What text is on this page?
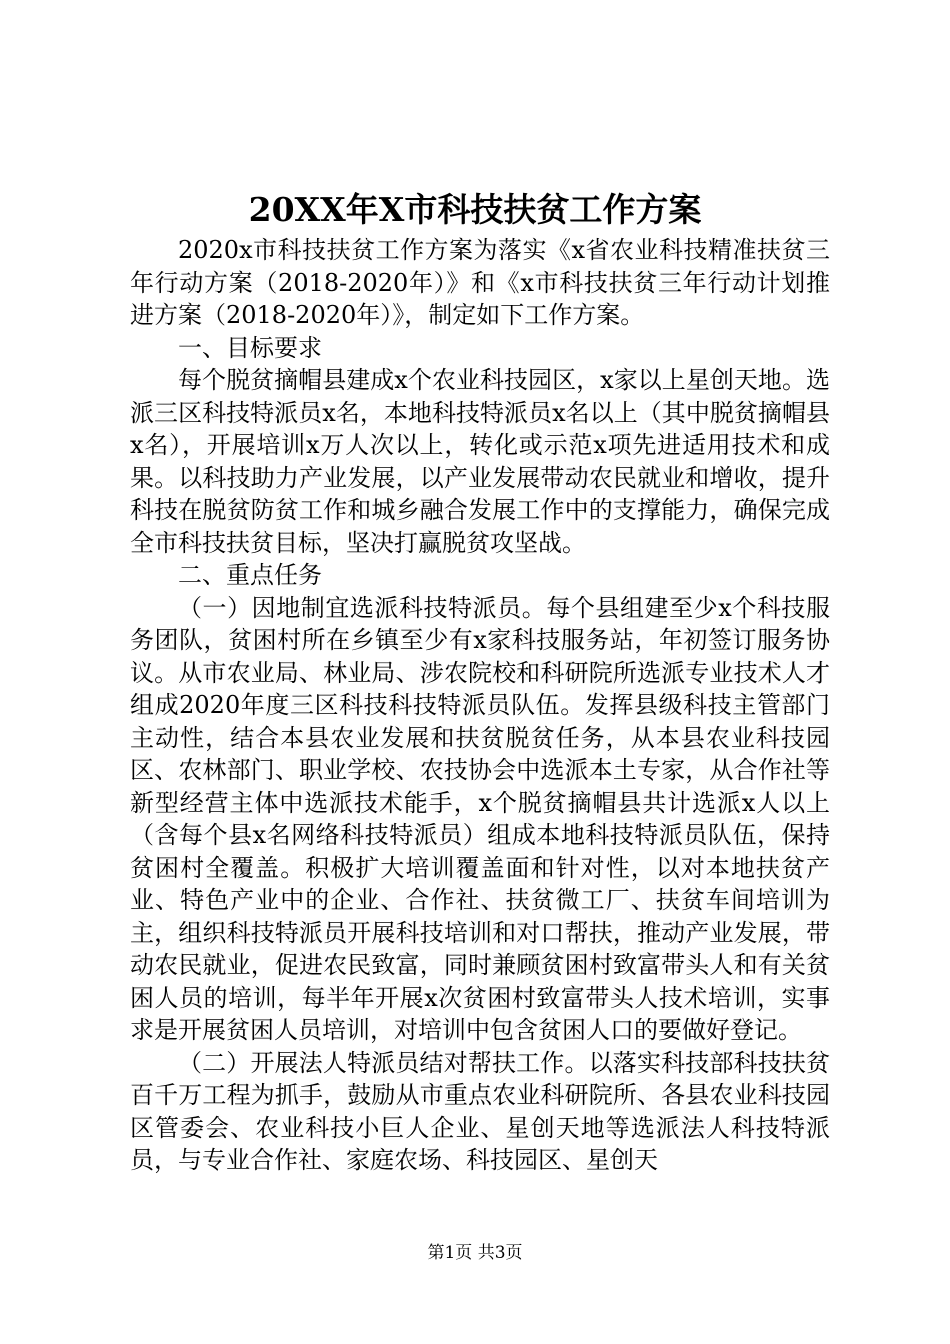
20XX年X市科技扶贫工作方案

2020x市科技扶贫工作方案为落实《x省农业科技精准扶贫三年行动方案（2018-2020年）》和《x市科技扶贫三年行动计划推进方案（2018-2020年）》，制定如下工作方案。

一、目标要求

每个脱贫摘帽县建成x个农业科技园区，x家以上星创天地。选派三区科技特派员x名，本地科技特派员x名以上（其中脱贫摘帽县x名），开展培训x万人次以上，转化或示范x项先进适用技术和成果。以科技助力产业发展，以产业发展带动农民就业和增收，提升科技在脱贫防贫工作和城乡融合发展工作中的支撑能力，确保完成全市科技扶贫目标，坚决打赢脱贫攻坚战。

二、重点任务

（一）因地制宜选派科技特派员。每个县组建至少x个科技服务团队，贫困村所在乡镇至少有x家科技服务站，年初签订服务协议。从市农业局、林业局、涉农院校和科研院所选派专业技术人才组成2020年度三区科技科技特派员队伍。发挥县级科技主管部门主动性，结合本县农业发展和扶贫脱贫任务，从本县农业科技园区、农林部门、职业学校、农技协会中选派本土专家，从合作社等新型经营主体中选派技术能手，x个脱贫摘帽县共计选派x人以上（含每个县x名网络科技特派员）组成本地科技特派员队伍，保持贫困村全覆盖。积极扩大培训覆盖面和针对性，以对本地扶贫产业、特色产业中的企业、合作社、扶贫微工厂、扶贫车间培训为主，组织科技特派员开展科技培训和对口帮扶，推动产业发展，带动农民就业，促进农民致富，同时兼顾贫困村致富带头人和有关贫困人员的培训，每半年开展x次贫困村致富带头人技术培训，实事求是开展贫困人员培训，对培训中包含贫困人口的要做好登记。

（二）开展法人特派员结对帮扶工作。以落实科技部科技扶贫百千万工程为抓手，鼓励从市重点农业科研院所、各县农业科技园区管委会、农业科技小巨人企业、星创天地等选派法人科技特派员，与专业合作社、家庭农场、科技园区、星创天

第1页 共3页
